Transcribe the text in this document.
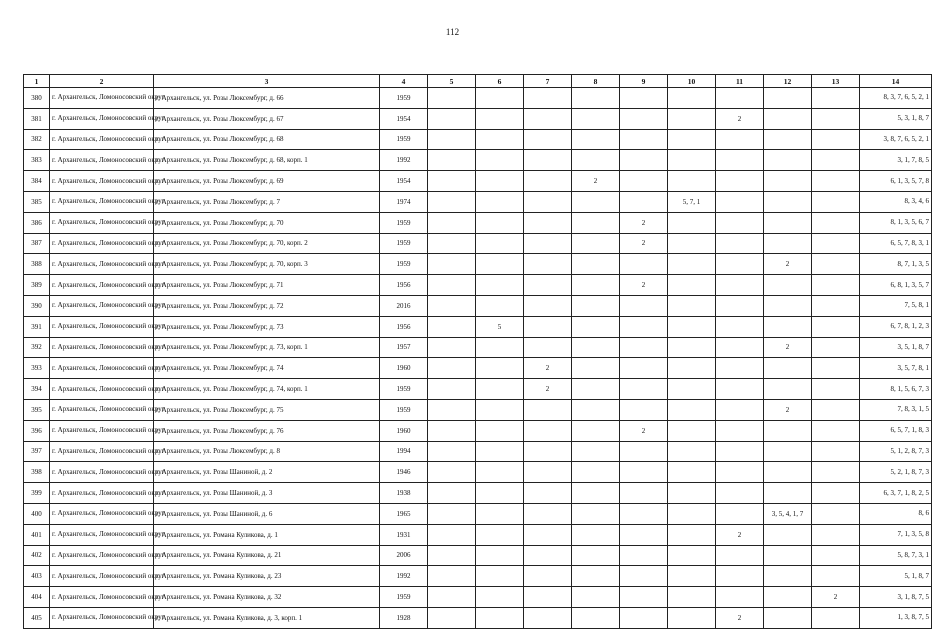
112
1	2	3	4	5	6	7	8	9	10	11	12	13	14
380	г. Архангельск, Ломоносовский округ	г. Архангельск, ул. Розы Люксембург, д. 66	1959										8, 3, 7, 6, 5, 2, 1
381	г. Архангельск, Ломоносовский округ	г. Архангельск, ул. Розы Люксембург, д. 67	1954							2			5, 3, 1, 8, 7
382	г. Архангельск, Ломоносовский округ	г. Архангельск, ул. Розы Люксембург, д. 68	1959										3, 8, 7, 6, 5, 2, 1
383	г. Архангельск, Ломоносовский округ	г. Архангельск, ул. Розы Люксембург, д. 68, корп. 1	1992										3, 1, 7, 8, 5
384	г. Архангельск, Ломоносовский округ	г. Архангельск, ул. Розы Люксембург, д. 69	1954				2						6, 1, 3, 5, 7, 8
385	г. Архангельск, Ломоносовский округ	г. Архангельск, ул. Розы Люксембург, д. 7	1974						5, 7, 1				8, 3, 4, 6
386	г. Архангельск, Ломоносовский округ	г. Архангельск, ул. Розы Люксембург, д. 70	1959					2					8, 1, 3, 5, 6, 7
387	г. Архангельск, Ломоносовский округ	г. Архангельск, ул. Розы Люксембург, д. 70, корп. 2	1959					2					6, 5, 7, 8, 3, 1
388	г. Архангельск, Ломоносовский округ	г. Архангельск, ул. Розы Люксембург, д. 70, корп. 3	1959								2		8, 7, 1, 3, 5
389	г. Архангельск, Ломоносовский округ	г. Архангельск, ул. Розы Люксембург, д. 71	1956					2					6, 8, 1, 3, 5, 7
390	г. Архангельск, Ломоносовский округ	г. Архангельск, ул. Розы Люксембург, д. 72	2016										7, 5, 8, 1
391	г. Архангельск, Ломоносовский округ	г. Архангельск, ул. Розы Люксембург, д. 73	1956		5								6, 7, 8, 1, 2, 3
392	г. Архангельск, Ломоносовский округ	г. Архангельск, ул. Розы Люксембург, д. 73, корп. 1	1957								2		3, 5, 1, 8, 7
393	г. Архангельск, Ломоносовский округ	г. Архангельск, ул. Розы Люксембург, д. 74	1960			2							3, 5, 7, 8, 1
394	г. Архангельск, Ломоносовский округ	г. Архангельск, ул. Розы Люксембург, д. 74, корп. 1	1959			2							8, 1, 5, 6, 7, 3
395	г. Архангельск, Ломоносовский округ	г. Архангельск, ул. Розы Люксембург, д. 75	1959								2		7, 8, 3, 1, 5
396	г. Архангельск, Ломоносовский округ	г. Архангельск, ул. Розы Люксембург, д. 76	1960					2					6, 5, 7, 1, 8, 3
397	г. Архангельск, Ломоносовский округ	г. Архангельск, ул. Розы Люксембург, д. 8	1994										5, 1, 2, 8, 7, 3
398	г. Архангельск, Ломоносовский округ	г. Архангельск, ул. Розы Шаниной, д. 2	1946										5, 2, 1, 8, 7, 3
399	г. Архангельск, Ломоносовский округ	г. Архангельск, ул. Розы Шаниной, д. 3	1938										6, 3, 7, 1, 8, 2, 5
400	г. Архангельск, Ломоносовский округ	г. Архангельск, ул. Розы Шаниной, д. 6	1965								3, 5, 4, 1, 7		8, 6
401	г. Архангельск, Ломоносовский округ	г. Архангельск, ул. Романа Куликова, д. 1	1931							2			7, 1, 3, 5, 8
402	г. Архангельск, Ломоносовский округ	г. Архангельск, ул. Романа Куликова, д. 21	2006										5, 8, 7, 3, 1
403	г. Архангельск, Ломоносовский округ	г. Архангельск, ул. Романа Куликова, д. 23	1992										5, 1, 8, 7
404	г. Архангельск, Ломоносовский округ	г. Архангельск, ул. Романа Куликова, д. 32	1959									2	3, 1, 8, 7, 5
405	г. Архангельск, Ломоносовский округ	г. Архангельск, ул. Романа Куликова, д. 3, корп. 1	1928							2			1, 3, 8, 7, 5
